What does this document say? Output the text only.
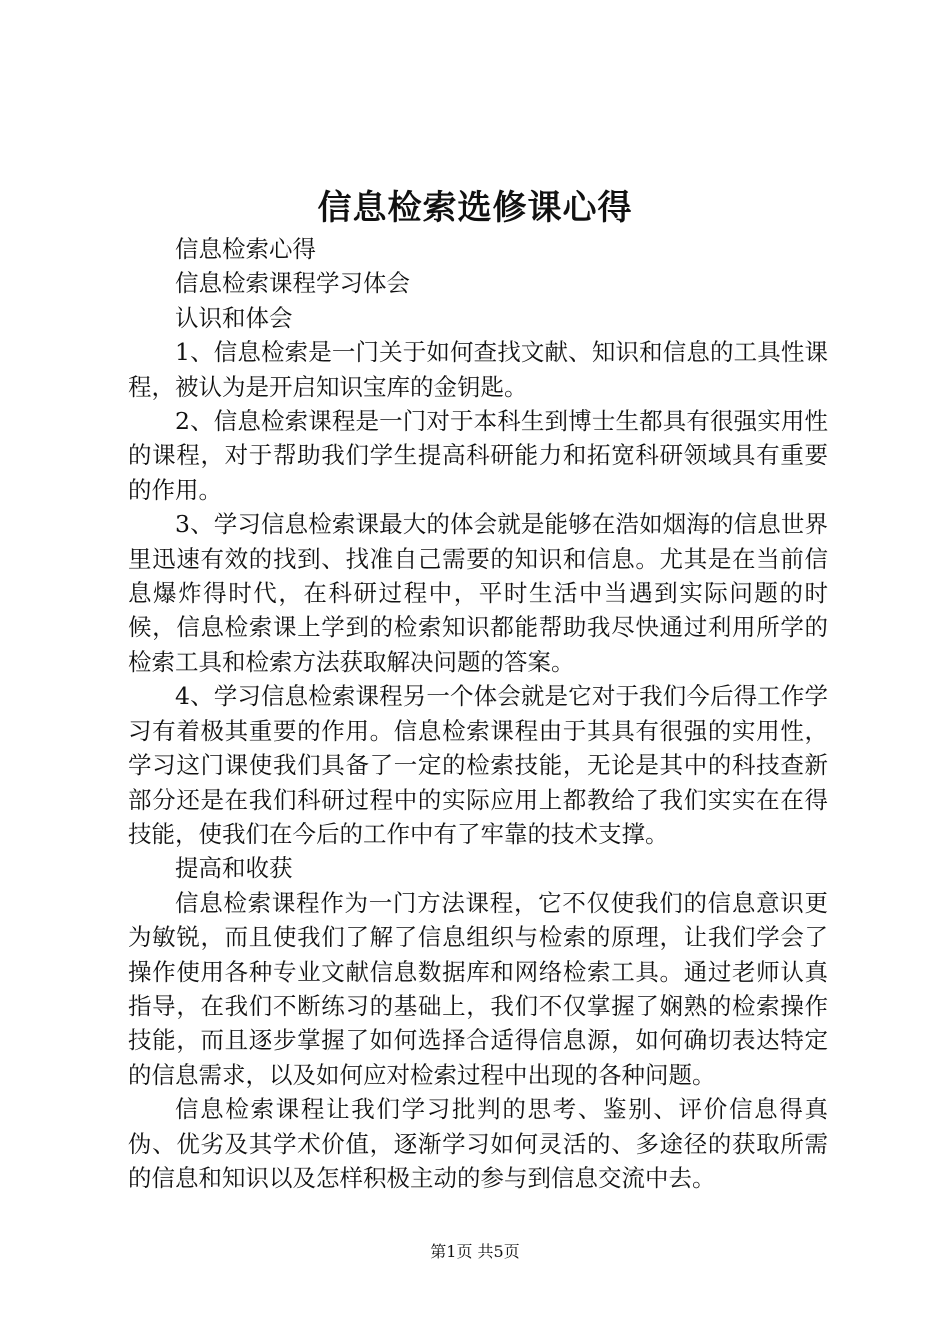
信息检索选修课心得

信息检索心得

信息检索课程学习体会

认识和体会

1、信息检索是一门关于如何查找文献、知识和信息的工具性课程，被认为是开启知识宝库的金钥匙。

2、信息检索课程是一门对于本科生到博士生都具有很强实用性的课程，对于帮助我们学生提高科研能力和拓宽科研领域具有重要的作用。

3、学习信息检索课最大的体会就是能够在浩如烟海的信息世界里迅速有效的找到、找准自己需要的知识和信息。尤其是在当前信息爆炸得时代，在科研过程中，平时生活中当遇到实际问题的时候，信息检索课上学到的检索知识都能帮助我尽快通过利用所学的检索工具和检索方法获取解决问题的答案。

4、学习信息检索课程另一个体会就是它对于我们今后得工作学习有着极其重要的作用。信息检索课程由于其具有很强的实用性，学习这门课使我们具备了一定的检索技能，无论是其中的科技查新部分还是在我们科研过程中的实际应用上都教给了我们实实在在得技能，使我们在今后的工作中有了牢靠的技术支撑。

提高和收获

信息检索课程作为一门方法课程，它不仅使我们的信息意识更为敏锐，而且使我们了解了信息组织与检索的原理，让我们学会了操作使用各种专业文献信息数据库和网络检索工具。通过老师认真指导，在我们不断练习的基础上，我们不仅掌握了娴熟的检索操作技能，而且逐步掌握了如何选择合适得信息源，如何确切表达特定的信息需求，以及如何应对检索过程中出现的各种问题。

信息检索课程让我们学习批判的思考、鉴别、评价信息得真伪、优劣及其学术价值，逐渐学习如何灵活的、多途径的获取所需的信息和知识以及怎样积极主动的参与到信息交流中去。

第1页 共5页
